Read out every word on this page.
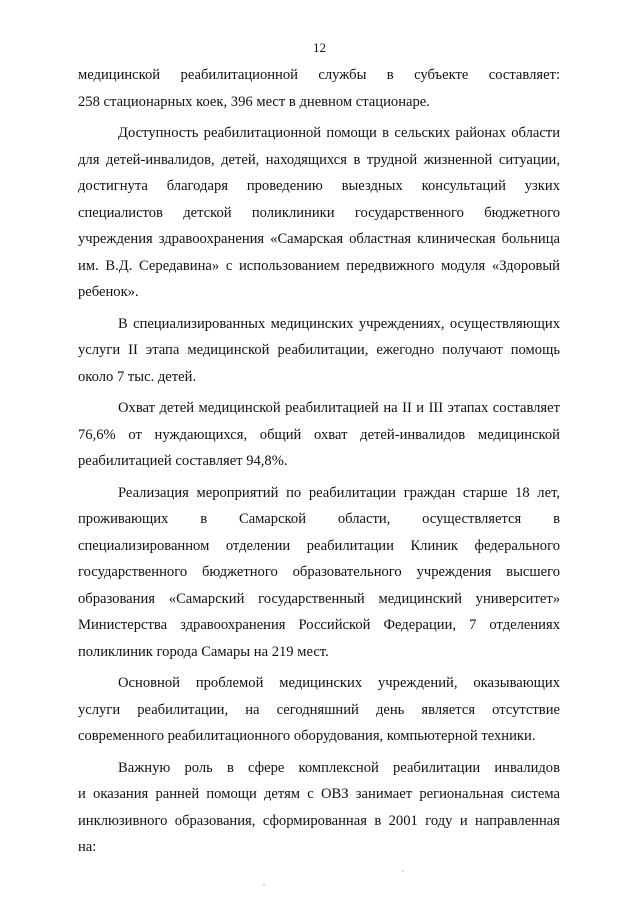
12

медицинской реабилитационной службы в субъекте составляет:
258 стационарных коек, 396 мест в дневном стационаре.

Доступность реабилитационной помощи в сельских районах области
для детей-инвалидов, детей, находящихся в трудной жизненной ситуации,
достигнута благодаря проведению выездных консультаций узких
специалистов детской поликлиники государственного бюджетного
учреждения здравоохранения «Самарская областная клиническая больница
им. В.Д. Середавина» с использованием передвижного модуля «Здоровый
ребенок».

В специализированных медицинских учреждениях, осуществляющих
услуги II этапа медицинской реабилитации, ежегодно получают помощь
около 7 тыс. детей.

Охват детей медицинской реабилитацией на II и III этапах составляет
76,6% от нуждающихся, общий охват детей-инвалидов медицинской
реабилитацией составляет 94,8%.

Реализация мероприятий по реабилитации граждан старше 18 лет,
проживающих в Самарской области, осуществляется в
специализированном отделении реабилитации Клиник федерального
государственного бюджетного образовательного учреждения высшего
образования «Самарский государственный медицинский университет»
Министерства здравоохранения Российской Федерации, 7 отделениях
поликлиник города Самары на 219 мест.

Основной проблемой медицинских учреждений, оказывающих
услуги реабилитации, на сегодняшний день является отсутствие
современного реабилитационного оборудования, компьютерной техники.

Важную роль в сфере комплексной реабилитации инвалидов
и оказания ранней помощи детям с ОВЗ занимает региональная система
инклюзивного образования, сформированная в 2001 году и направленная
на:
